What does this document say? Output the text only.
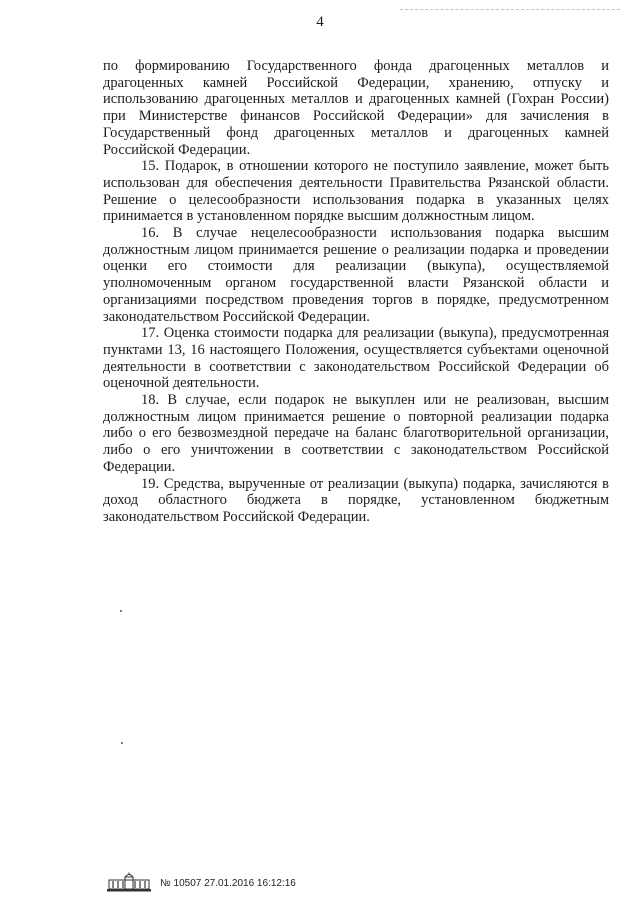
4

по формированию Государственного фонда драгоценных металлов и драгоценных камней Российской Федерации, хранению, отпуску и использованию драгоценных металлов и драгоценных камней (Гохран России) при Министерстве финансов Российской Федерации» для зачисления в Государственный фонд драгоценных металлов и драгоценных камней Российской Федерации.

15. Подарок, в отношении которого не поступило заявление, может быть использован для обеспечения деятельности Правительства Рязанской области. Решение о целесообразности использования подарка в указанных целях принимается в установленном порядке высшим должностным лицом.

16. В случае нецелесообразности использования подарка высшим должностным лицом принимается решение о реализации подарка и проведении оценки его стоимости для реализации (выкупа), осуществляемой уполномоченным органом государственной власти Рязанской области и организациями посредством проведения торгов в порядке, предусмотренном законодательством Российской Федерации.

17. Оценка стоимости подарка для реализации (выкупа), предусмотренная пунктами 13, 16 настоящего Положения, осуществляется субъектами оценочной деятельности в соответствии с законодательством Российской Федерации об оценочной деятельности.

18. В случае, если подарок не выкуплен или не реализован, высшим должностным лицом принимается решение о повторной реализации подарка либо о его безвозмездной передаче на баланс благотворительной организации, либо о его уничтожении в соответствии с законодательством Российской Федерации.

19. Средства, вырученные от реализации (выкупа) подарка, зачисляются в доход областного бюджета в порядке, установленном бюджетным законодательством Российской Федерации.

№ 10507 27.01.2016 16:12:16
